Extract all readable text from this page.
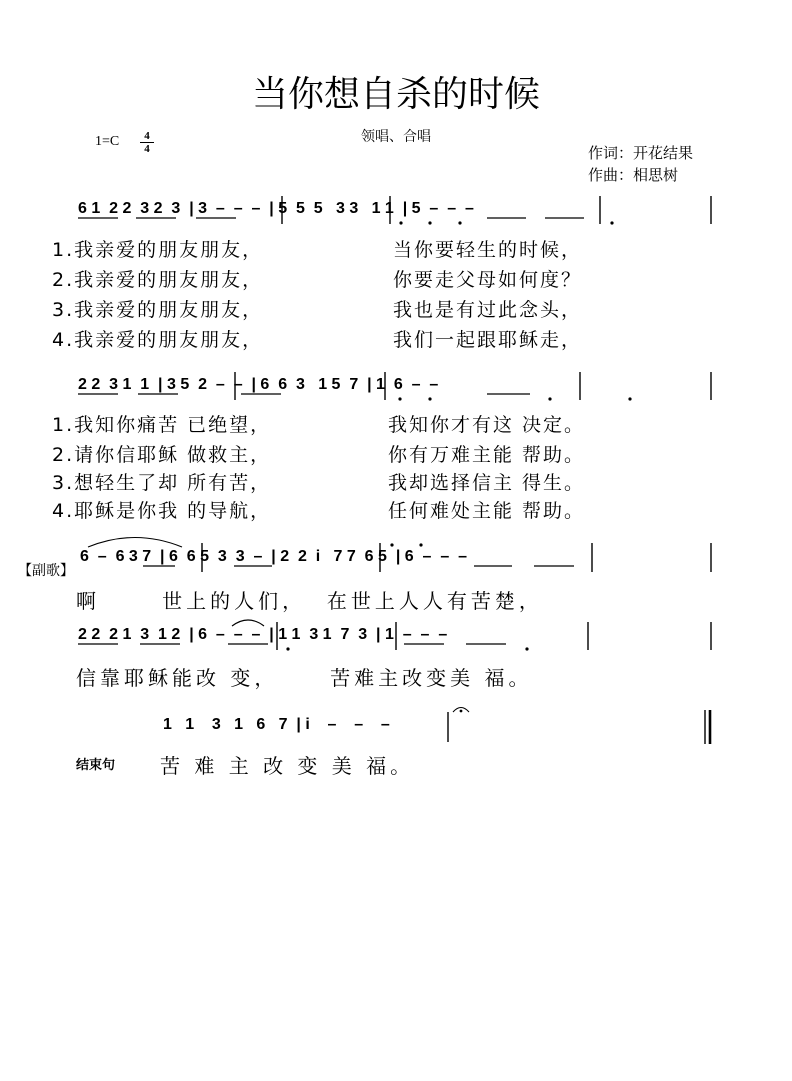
当你想自杀的时候
领唱、合唱
1=C	4
4	作词：开花结果
作曲：相思树
6 1  2 2  3 2  3  | 3  –  –  –  | 5  5  5   3 3   1 1  | 5  –  –  –
1.我亲爱的朋友朋友，
2.我亲爱的朋友朋友，
3.我亲爱的朋友朋友，
4.我亲爱的朋友朋友，
当你要轻生的时候，
你要走父母如何度？
我也是有过此念头，
我们一起跟耶稣走，
2 2  3 1  1  | 3 5  2  –  –  | 6  6  3   1 5  7  | 1  6  –  –
1.我知你痛苦 已绝望，
2.请你信耶稣 做救主，
3.想轻生了却 所有苦，
4.耶稣是你我 的导航，
我知你才有这 决定。
你有万难主能 帮助。
我却选择信主 得生。
任何难处主能 帮助。
【副歌】
6  –  6 3 7  | 6  6 5  3  3  –  | 2  2  i   7 7  6 5  | 6  –  –  –
啊      世上的人们，  在世上人人有苦楚，
2 2  2 1  3  1 2  | 6  –  –  –  | 1 1  3 1  7  3  | 1  –  –  –
信靠耶稣能改 变，     苦难主改变美 福。
1   1    3   1   6   7  | i    –    –    –
结束句 苦 难 主 改 变 美 福。
